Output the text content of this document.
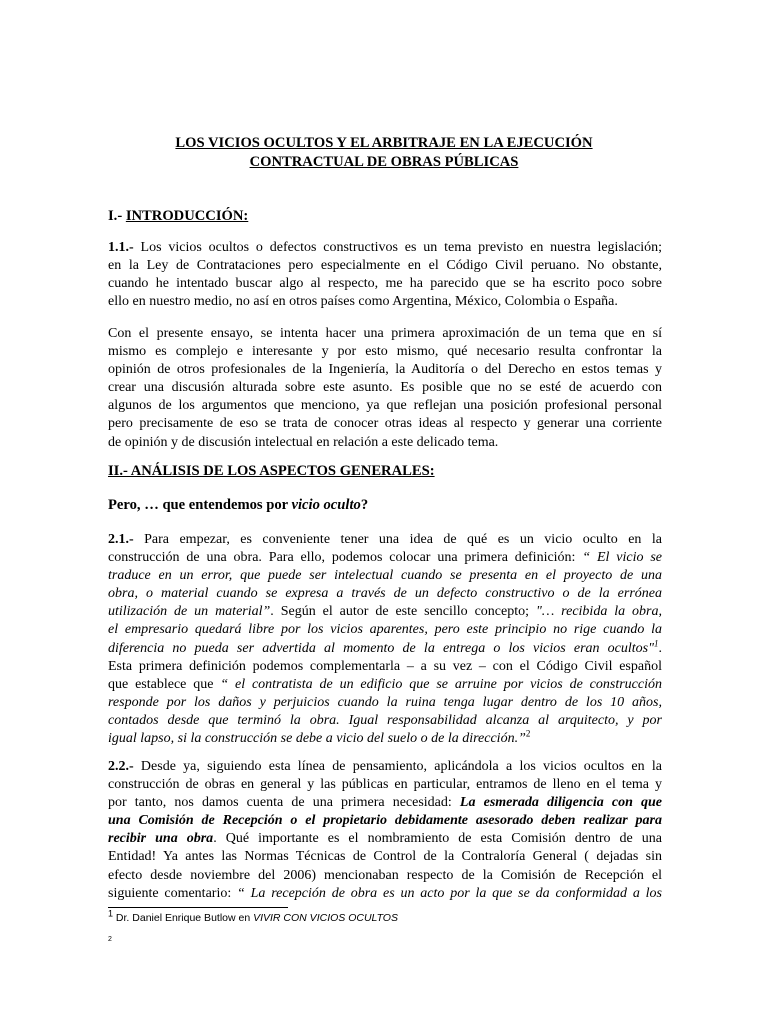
LOS VICIOS OCULTOS Y EL ARBITRAJE EN LA EJECUCIÓN
CONTRACTUAL DE OBRAS PÚBLICAS
I.- INTRODUCCIÓN:
1.1.- Los vicios ocultos o defectos constructivos es un tema previsto en nuestra legislación;
en la Ley de Contrataciones pero especialmente en el Código Civil peruano. No obstante,
cuando he intentado buscar algo al respecto, me ha parecido que se ha escrito poco sobre
ello en nuestro medio, no así en otros países como Argentina, México, Colombia o España.
Con el presente ensayo, se intenta hacer una primera aproximación de un tema que en sí
mismo es complejo e interesante y por esto mismo, qué necesario resulta confrontar la
opinión de otros profesionales de la Ingeniería, la Auditoría o del Derecho en estos temas y
crear una discusión alturada sobre este asunto. Es posible que no se esté de acuerdo con
algunos de los argumentos que menciono, ya que reflejan una posición profesional personal
pero precisamente de eso se trata de conocer otras ideas al respecto y generar una corriente
de opinión y de discusión intelectual en relación a este delicado tema.
II.- ANÁLISIS DE LOS ASPECTOS GENERALES:
Pero, … que entendemos por vicio oculto?
2.1.- Para empezar, es conveniente tener una idea de qué es un vicio oculto en la
construcción de una obra. Para ello, podemos colocar una primera definición: “ El vicio se
traduce en un error, que puede ser intelectual cuando se presenta en el proyecto de una
obra, o material cuando se expresa a través de un defecto constructivo o de la errónea
utilización de un material”. Según el autor de este sencillo concepto; "… recibida la obra,
el empresario quedará libre por los vicios aparentes, pero este principio no rige cuando la
diferencia no pueda ser advertida al momento de la entrega o los vicios eran ocultos"$^1$.
Esta primera definición podemos complementarla – a su vez – con el Código Civil español
que establece que “ el contratista de un edificio que se arruine por vicios de construcción
responde por los daños y perjuicios cuando la ruina tenga lugar dentro de los 10 años,
contados desde que terminó la obra. Igual responsabilidad alcanza al arquitecto, y por
igual lapso, si la construcción se debe a vicio del suelo o de la dirección.”$^2$
2.2.- Desde ya, siguiendo esta línea de pensamiento, aplicándola a los vicios ocultos en la
construcción de obras en general y las públicas en particular, entramos de lleno en el tema y
por tanto, nos damos cuenta de una primera necesidad: La esmerada diligencia con que
una Comisión de Recepción o el propietario debidamente asesorado deben realizar para
recibir una obra. Qué importante es el nombramiento de esta Comisión dentro de una
Entidad! Ya antes las Normas Técnicas de Control de la Contraloría General ( dejadas sin
efecto desde noviembre del 2006) mencionaban respecto de la Comisión de Recepción el
siguiente comentario: “ La recepción de obra es un acto por la que se da conformidad a los
$^1$ Dr. Daniel Enrique Butlow en VIVIR CON VICIOS OCULTOS
2
